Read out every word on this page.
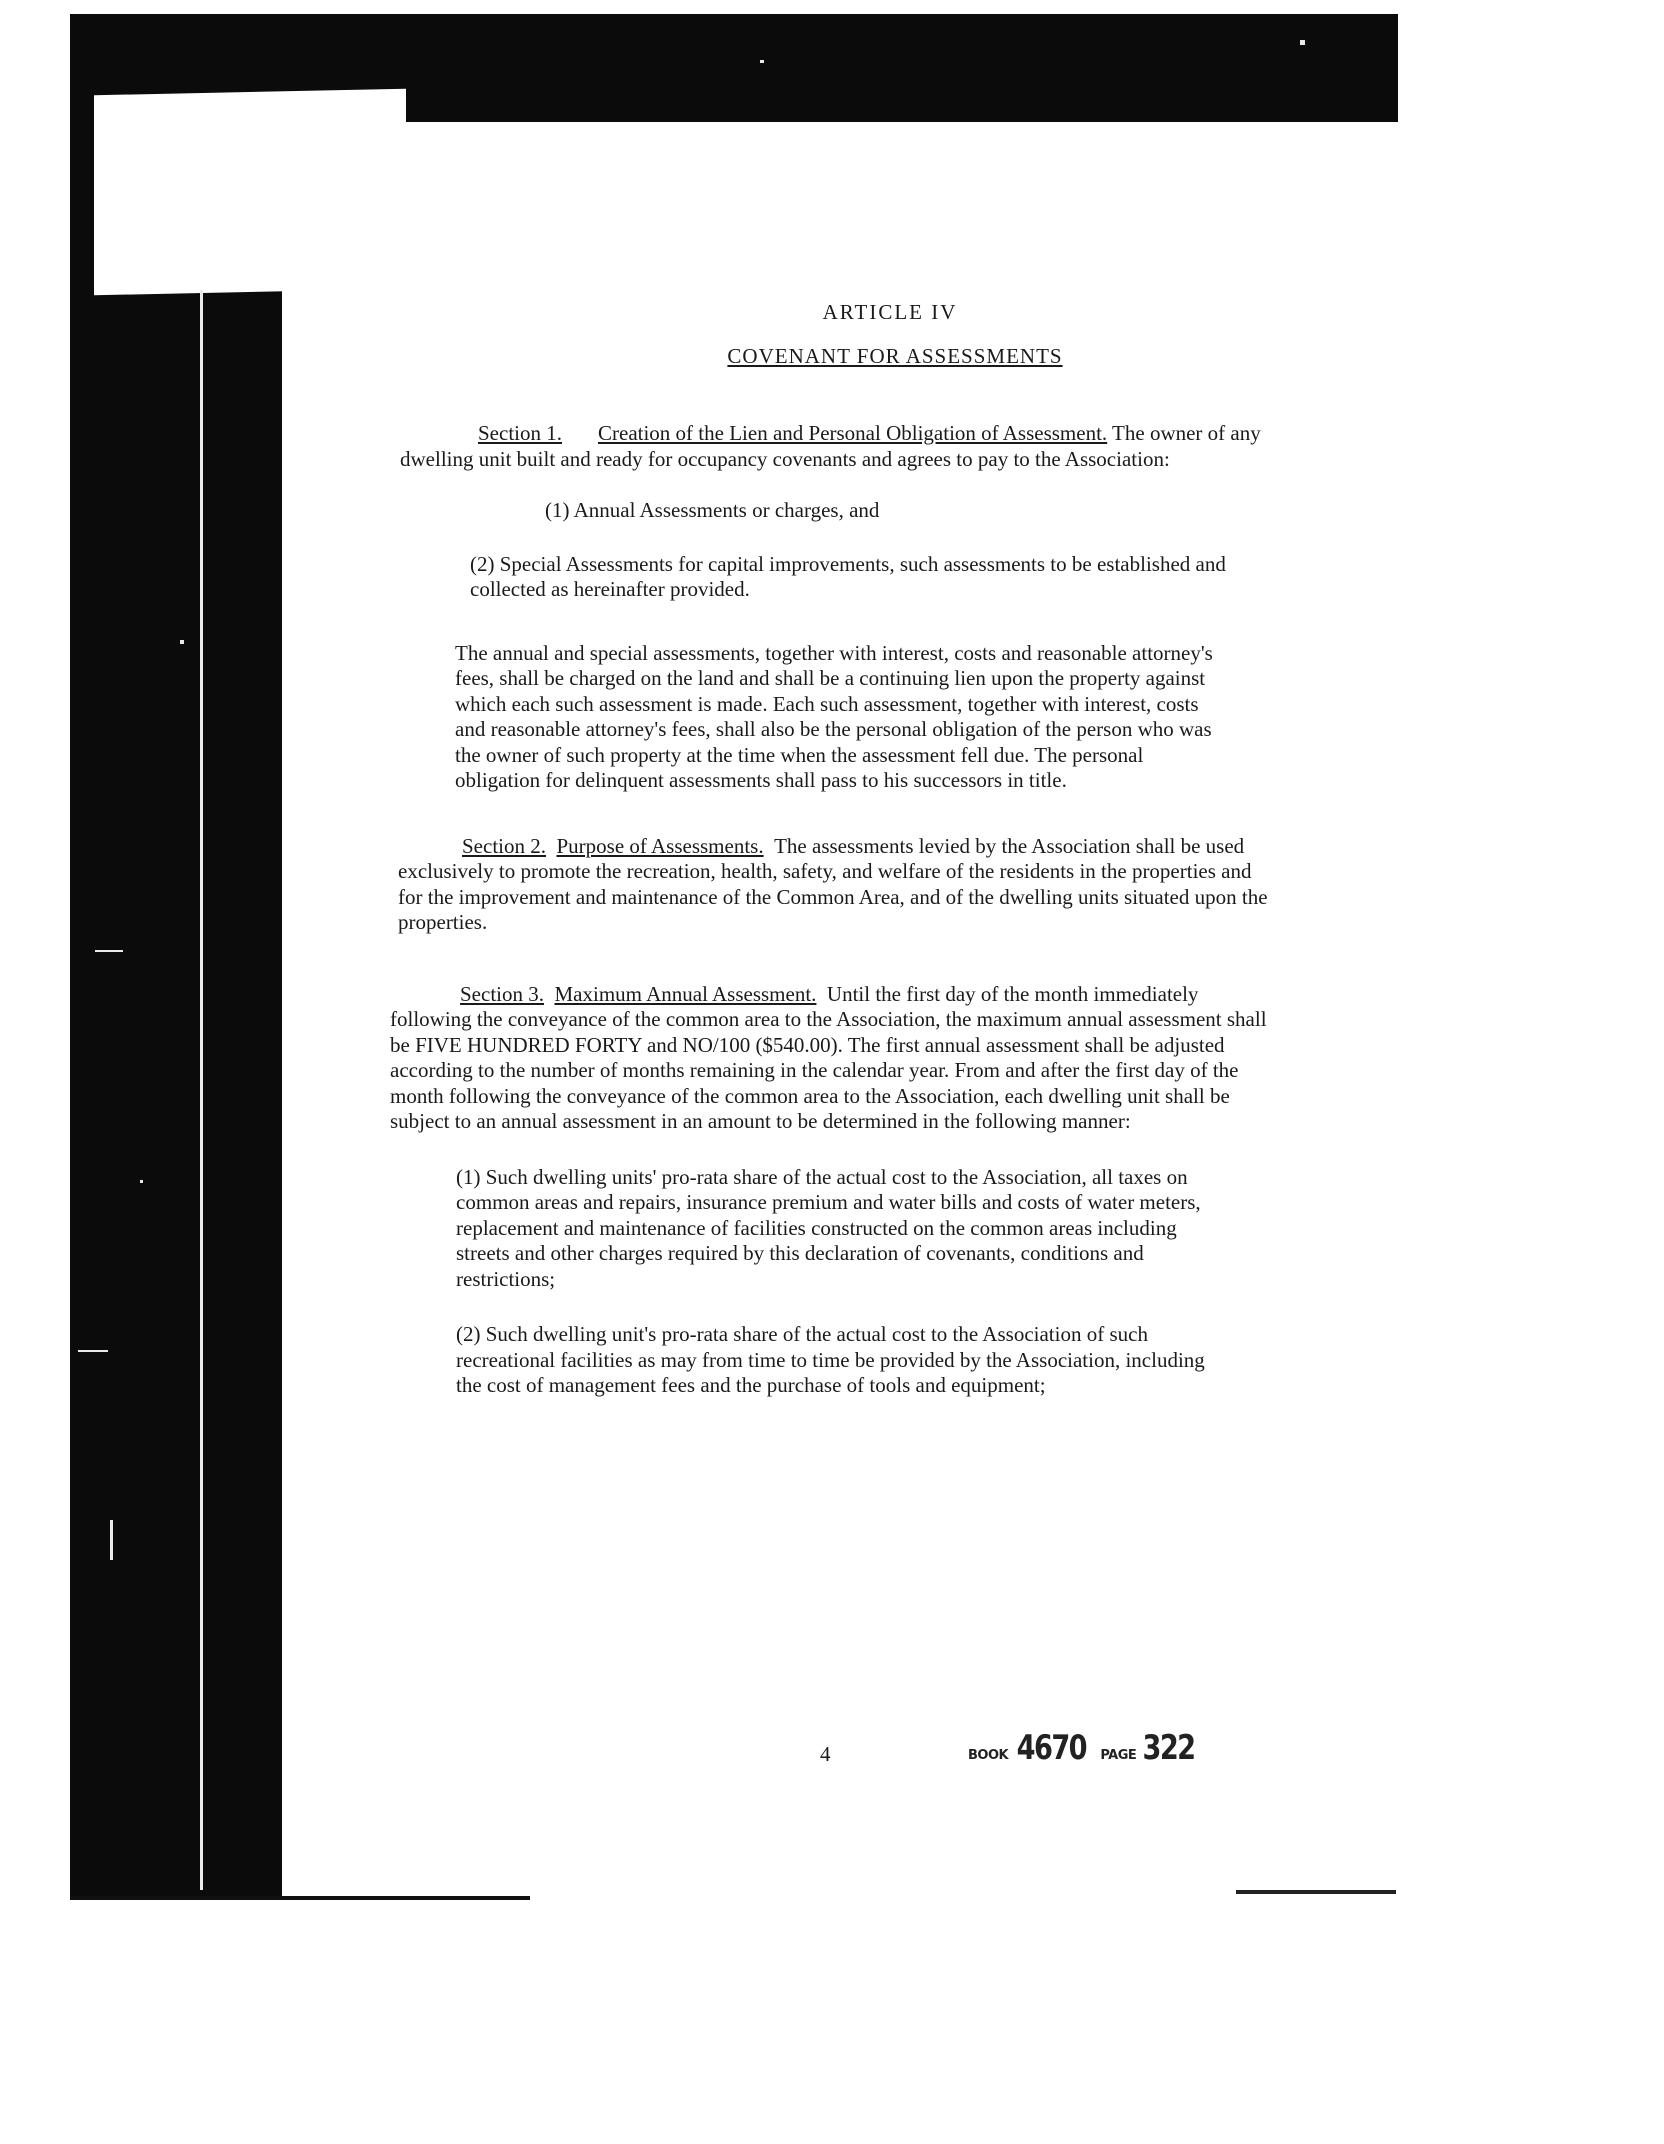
ARTICLE IV
COVENANT FOR ASSESSMENTS

Section 1. Creation of the Lien and Personal Obligation of Assessment. The owner of any dwelling unit built and ready for occupancy covenants and agrees to pay to the Association:

(1) Annual Assessments or charges, and

(2) Special Assessments for capital improvements, such assessments to be established and collected as hereinafter provided.

The annual and special assessments, together with interest, costs and reasonable attorney's fees, shall be charged on the land and shall be a continuing lien upon the property against which each such assessment is made. Each such assessment, together with interest, costs and reasonable attorney's fees, shall also be the personal obligation of the person who was the owner of such property at the time when the assessment fell due. The personal obligation for delinquent assessments shall pass to his successors in title.

Section 2. Purpose of Assessments. The assessments levied by the Association shall be used exclusively to promote the recreation, health, safety, and welfare of the residents in the properties and for the improvement and maintenance of the Common Area, and of the dwelling units situated upon the properties.

Section 3. Maximum Annual Assessment. Until the first day of the month immediately following the conveyance of the common area to the Association, the maximum annual assessment shall be FIVE HUNDRED FORTY and NO/100 ($540.00). The first annual assessment shall be adjusted according to the number of months remaining in the calendar year. From and after the first day of the month following the conveyance of the common area to the Association, each dwelling unit shall be subject to an annual assessment in an amount to be determined in the following manner:

(1) Such dwelling units' pro-rata share of the actual cost to the Association, all taxes on common areas and repairs, insurance premium and water bills and costs of water meters, replacement and maintenance of facilities constructed on the common areas including streets and other charges required by this declaration of covenants, conditions and restrictions;

(2) Such dwelling unit's pro-rata share of the actual cost to the Association of such recreational facilities as may from time to time be provided by the Association, including the cost of management fees and the purchase of tools and equipment;

4	BOOK 4670 PAGE 322
